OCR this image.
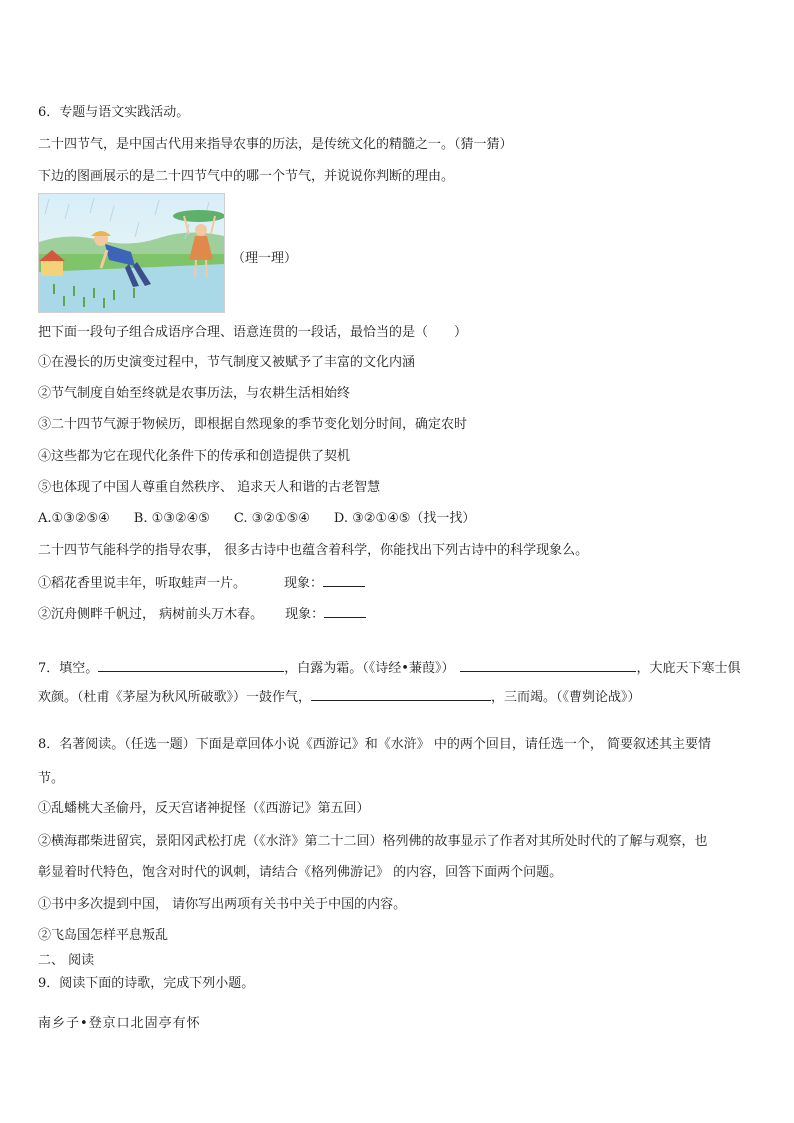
6．专题与语文实践活动。
二十四节气，是中国古代用来指导农事的历法，是传统文化的精髓之一。（猜一猜）
下边的图画展示的是二十四节气中的哪一个节气，并说说你判断的理由。
（理一理）
把下面一段句子组合成语序合理、语意连贯的一段话，最恰当的是（　　）
①在漫长的历史演变过程中，节气制度又被赋予了丰富的文化内涵
②节气制度自始至终就是农事历法，与农耕生活相始终
③二十四节气源于物候历，即根据自然现象的季节变化划分时间，确定农时
④这些都为它在现代化条件下的传承和创造提供了契机
⑤也体现了中国人尊重自然秩序、 追求天人和谐的古老智慧
A.①③②⑤④ B. ①③②④⑤ C. ③②①⑤④ D. ③②①④⑤（找一找）
二十四节气能科学的指导农事， 很多古诗中也蕴含着科学，你能找出下列古诗中的科学现象么。
①稻花香里说丰年，听取蛙声一片。	现象：
②沉舟侧畔千帆过， 病树前头万木春。 现象：
7．填空。	，白露为霜。（《诗经•蒹葭》）	，大庇天下寒士俱
欢颜。（杜甫《茅屋为秋风所破歌》）一鼓作气，	，三而竭。（《曹刿论战》）
8．名著阅读。（任选一题）下面是章回体小说《西游记》和《水浒》 中的两个回目，请任选一个， 简要叙述其主要情
节。
①乱蟠桃大圣偷丹，反天宫诸神捉怪（《西游记》第五回）
②横海郡柴进留宾，景阳冈武松打虎（《水浒》第二十二回）格列佛的故事显示了作者对其所处时代的了解与观察，也
彰显着时代特色，饱含对时代的讽刺，请结合《格列佛游记》 的内容，回答下面两个问题。
①书中多次提到中国， 请你写出两项有关书中关于中国的内容。
②飞岛国怎样平息叛乱
二、 阅读
9．阅读下面的诗歌，完成下列小题。
南乡子•登京口北固亭有怀
